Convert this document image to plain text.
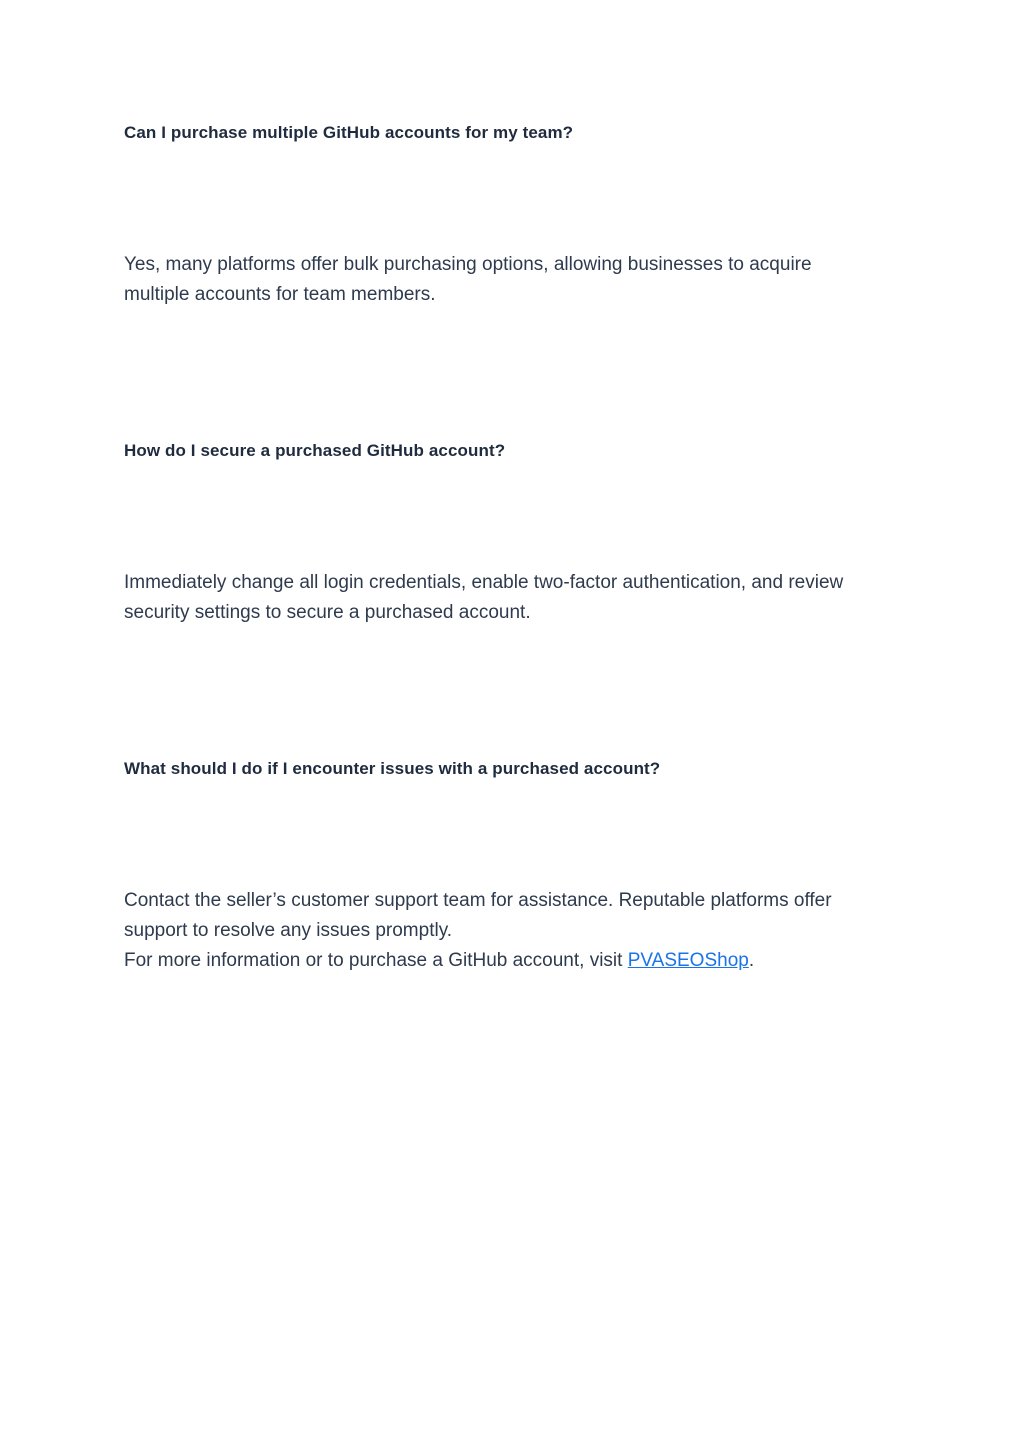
Can I purchase multiple GitHub accounts for my team?

Yes, many platforms offer bulk purchasing options, allowing businesses to acquire multiple accounts for team members.

How do I secure a purchased GitHub account?

Immediately change all login credentials, enable two-factor authentication, and review security settings to secure a purchased account.

What should I do if I encounter issues with a purchased account?

Contact the seller’s customer support team for assistance. Reputable platforms offer support to resolve any issues promptly.

For more information or to purchase a GitHub account, visit PVASEOShop.
